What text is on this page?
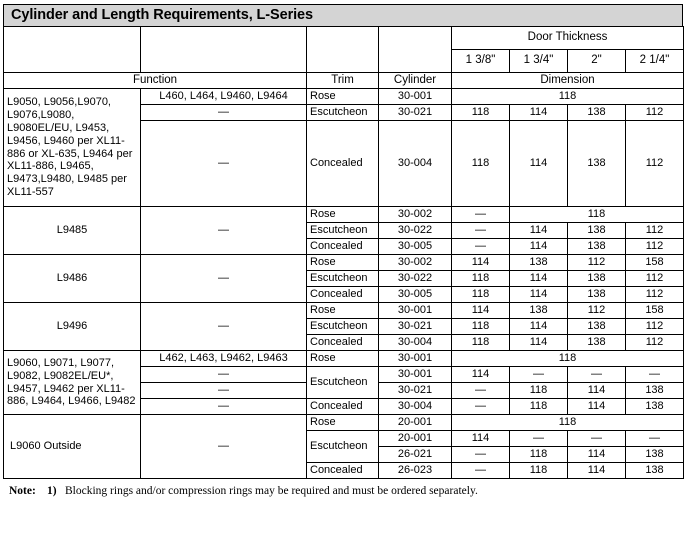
Cylinder and Length Requirements, L-Series
				Door Thickness			
				1 3/8"	1 3/4"	2"	2 1/4"
Function		Trim	Cylinder	Dimension			
L9050, L9056,L9070, L9076,L9080, L9080EL/EU, L9453, L9456, L9460 per XL11-886 or XL-635, L9464 per XL11-886, L9465, L9473,L9480, L9485 per XL11-557	L460, L464, L9460, L9464	Rose	30-001	118			
	—	Escutcheon	30-021	118	114	138	112
	—	Concealed	30-004	118	114	138	112
L9485	—	Rose	30-002	—	118		
		Escutcheon	30-022	—	114	138	112
		Concealed	30-005	—	114	138	112
L9486	—	Rose	30-002	114	138	112	158
		Escutcheon	30-022	118	114	138	112
		Concealed	30-005	118	114	138	112
L9496	—	Rose	30-001	114	138	112	158
		Escutcheon	30-021	118	114	138	112
		Concealed	30-004	118	114	138	112
L9060, L9071, L9077, L9082, L9082EL/EU*, L9457, L9462 per XL11-886, L9464, L9466, L9482	L462, L463, L9462, L9463	Rose	30-001	118			
	—	Escutcheon	30-001	114	—	—	—
	—		30-021	—	118	114	138
	—	Concealed	30-004	—	118	114	138
L9060 Outside	—	Rose	20-001	118			
		Escutcheon	20-001	114	—	—	—
			26-021	—	118	114	138
		Concealed	26-023	—	118	114	138
Note: 1) Blocking rings and/or compression rings may be required and must be ordered separately.
